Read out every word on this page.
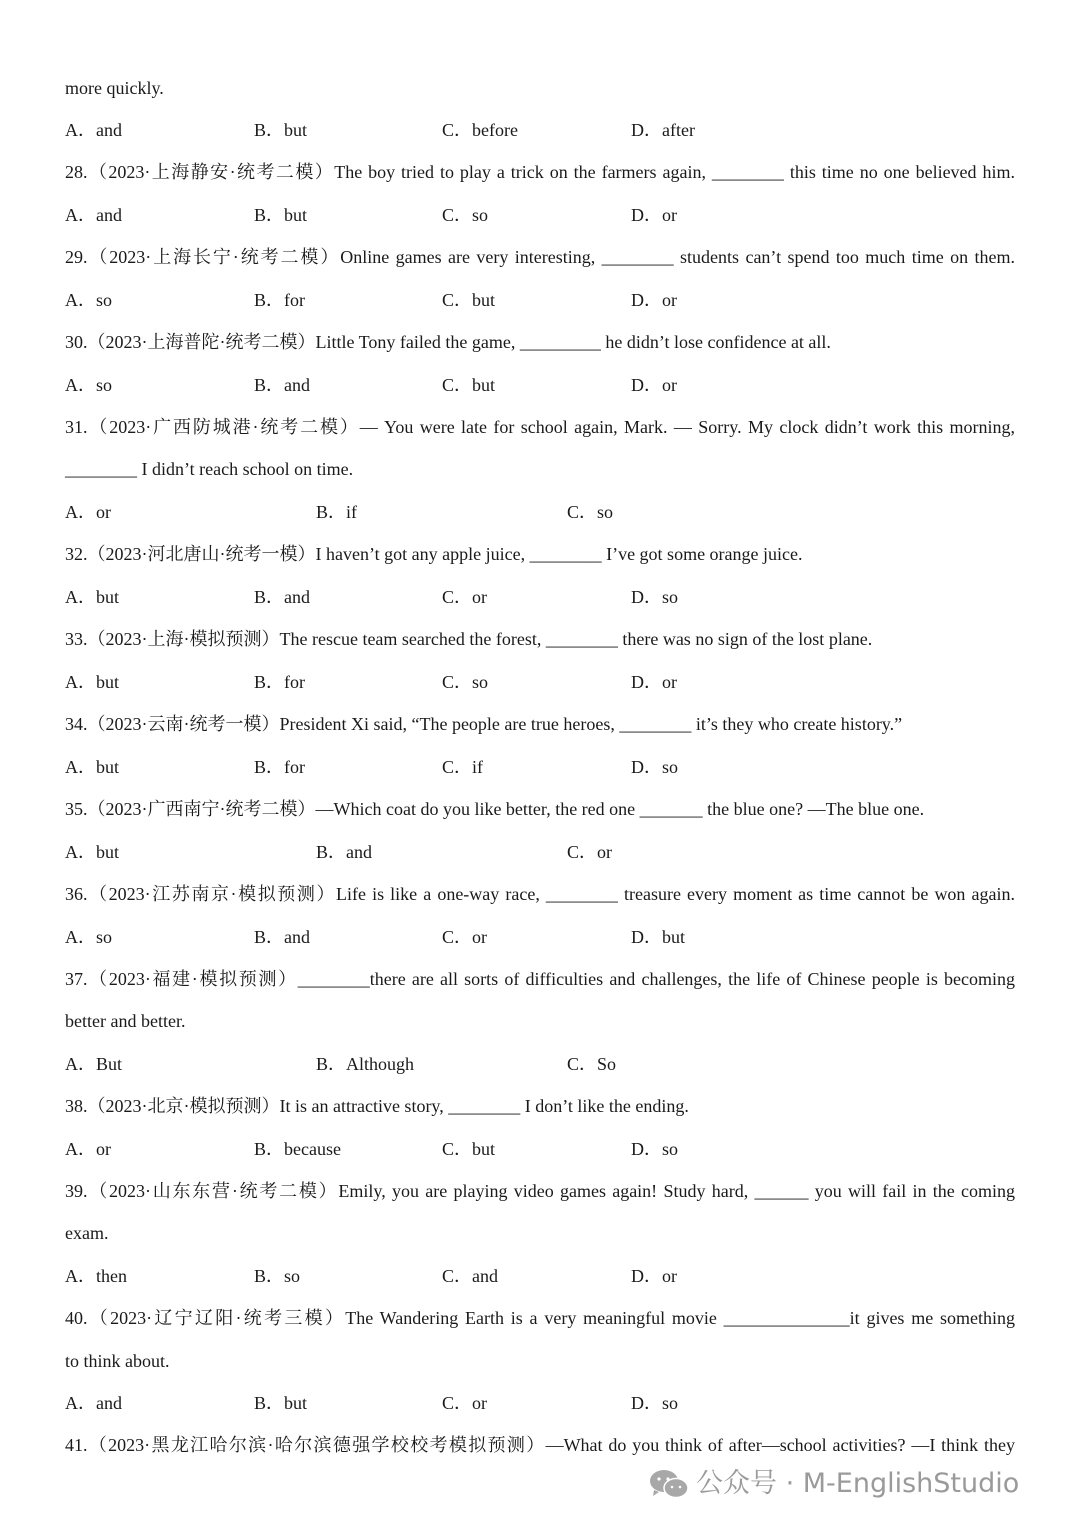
more quickly.
A．and	B．but	C．before	D．after
28.（2023·上海静安·统考二模）The boy tried to play a trick on the farmers again, ________ this time no one believed him.
A．and	B．but	C．so	D．or
29.（2023·上海长宁·统考二模）Online games are very interesting, ________ students can’t spend too much time on them.
A．so	B．for	C．but	D．or
30.（2023·上海普陀·统考二模）Little Tony failed the game, _________ he didn’t lose confidence at all.
A．so	B．and	C．but	D．or
31.（2023·广西防城港·统考二模）— You were late for school again, Mark. — Sorry. My clock didn’t work this morning,
________ I didn’t reach school on time.
A．or	B．if	C．so
32.（2023·河北唐山·统考一模）I haven’t got any apple juice, ________ I’ve got some orange juice.
A．but	B．and	C．or	D．so
33.（2023·上海·模拟预测）The rescue team searched the forest, ________ there was no sign of the lost plane.
A．but	B．for	C．so	D．or
34.（2023·云南·统考一模）President Xi said, “The people are true heroes, ________ it’s they who create history.”
A．but	B．for	C．if	D．so
35.（2023·广西南宁·统考二模）—Which coat do you like better, the red one _______ the blue one? —The blue one.
A．but	B．and	C．or
36.（2023·江苏南京·模拟预测）Life is like a one-way race, ________ treasure every moment as time cannot be won again.
A．so	B．and	C．or	D．but
37.（2023·福建·模拟预测）________there are all sorts of difficulties and challenges, the life of Chinese people is becoming
better and better.
A．But	B．Although	C．So
38.（2023·北京·模拟预测）It is an attractive story, ________ I don’t like the ending.
A．or	B．because	C．but	D．so
39.（2023·山东东营·统考二模）Emily, you are playing video games again! Study hard, ______ you will fail in the coming
exam.
A．then	B．so	C．and	D．or
40.（2023·辽宁辽阳·统考三模）The Wandering Earth is a very meaningful movie ______________it gives me something
to think about.
A．and	B．but	C．or	D．so
41.（2023·黑龙江哈尔滨·哈尔滨德强学校校考模拟预测）—What do you think of after—school activities? —I think they
公众号 · M-EnglishStudio
